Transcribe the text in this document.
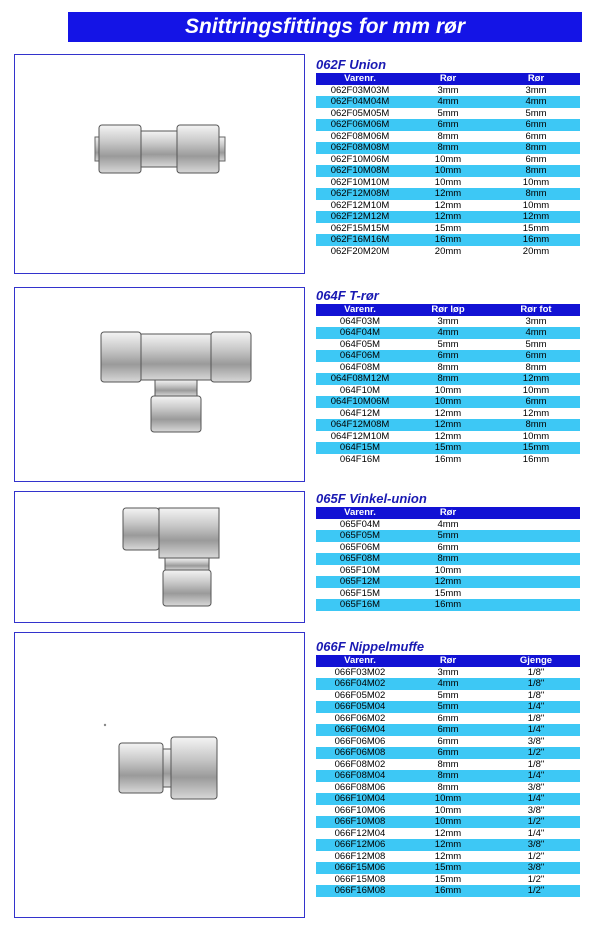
Snittringsfittings for mm rør
062F Union
Varenr.	Rør	Rør
062F03M03M	3mm	3mm
062F04M04M	4mm	4mm
062F05M05M	5mm	5mm
062F06M06M	6mm	6mm
062F08M06M	8mm	6mm
062F08M08M	8mm	8mm
062F10M06M	10mm	6mm
062F10M08M	10mm	8mm
062F10M10M	10mm	10mm
062F12M08M	12mm	8mm
062F12M10M	12mm	10mm
062F12M12M	12mm	12mm
062F15M15M	15mm	15mm
062F16M16M	16mm	16mm
062F20M20M	20mm	20mm
064F T-rør
Varenr.	Rør løp	Rør fot
064F03M	3mm	3mm
064F04M	4mm	4mm
064F05M	5mm	5mm
064F06M	6mm	6mm
064F08M	8mm	8mm
064F08M12M	8mm	12mm
064F10M	10mm	10mm
064F10M06M	10mm	6mm
064F12M	12mm	12mm
064F12M08M	12mm	8mm
064F12M10M	12mm	10mm
064F15M	15mm	15mm
064F16M	16mm	16mm
065F Vinkel-union
Varenr.	Rør	
065F04M	4mm	
065F05M	5mm	
065F06M	6mm	
065F08M	8mm	
065F10M	10mm	
065F12M	12mm	
065F15M	15mm	
065F16M	16mm	
066F Nippelmuffe
Varenr.	Rør	Gjenge
066F03M02	3mm	1/8"
066F04M02	4mm	1/8"
066F05M02	5mm	1/8"
066F05M04	5mm	1/4"
066F06M02	6mm	1/8"
066F06M04	6mm	1/4"
066F06M06	6mm	3/8"
066F06M08	6mm	1/2"
066F08M02	8mm	1/8"
066F08M04	8mm	1/4"
066F08M06	8mm	3/8"
066F10M04	10mm	1/4"
066F10M06	10mm	3/8"
066F10M08	10mm	1/2"
066F12M04	12mm	1/4"
066F12M06	12mm	3/8"
066F12M08	12mm	1/2"
066F15M06	15mm	3/8"
066F15M08	15mm	1/2"
066F16M08	16mm	1/2"
